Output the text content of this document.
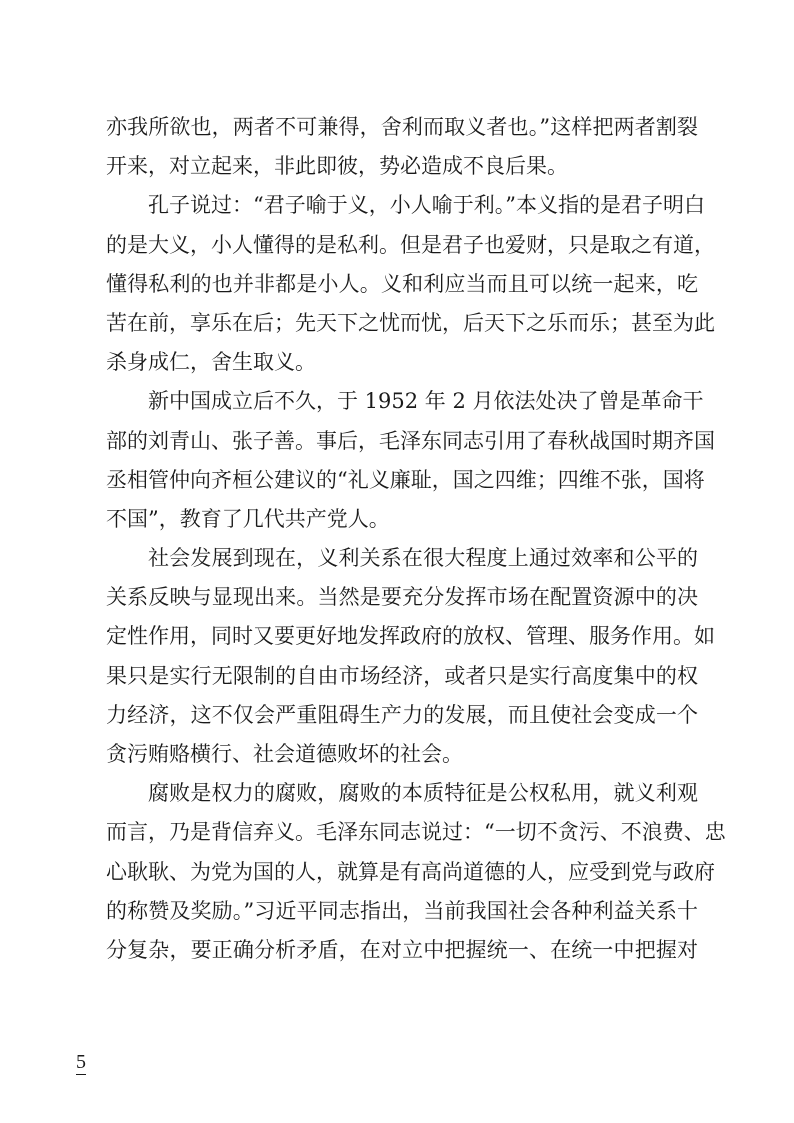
亦我所欲也，两者不可兼得，舍利而取义者也。”这样把两者割裂
开来，对立起来，非此即彼，势必造成不良后果。
孔子说过：“君子喻于义，小人喻于利。”本义指的是君子明白
的是大义，小人懂得的是私利。但是君子也爱财，只是取之有道，
懂得私利的也并非都是小人。义和利应当而且可以统一起来，吃
苦在前，享乐在后；先天下之忧而忧，后天下之乐而乐；甚至为此
杀身成仁，舍生取义。
新中国成立后不久，于 1952 年 2 月依法处决了曾是革命干
部的刘青山、张子善。事后，毛泽东同志引用了春秋战国时期齐国
丞相管仲向齐桓公建议的“礼义廉耻，国之四维；四维不张，国将
不国”，教育了几代共产党人。
社会发展到现在，义利关系在很大程度上通过效率和公平的
关系反映与显现出来。当然是要充分发挥市场在配置资源中的决
定性作用，同时又要更好地发挥政府的放权、管理、服务作用。如
果只是实行无限制的自由市场经济，或者只是实行高度集中的权
力经济，这不仅会严重阻碍生产力的发展，而且使社会变成一个
贪污贿赂横行、社会道德败坏的社会。
腐败是权力的腐败，腐败的本质特征是公权私用，就义利观
而言，乃是背信弃义。毛泽东同志说过：“一切不贪污、不浪费、忠
心耿耿、为党为国的人，就算是有高尚道德的人，应受到党与政府
的称赞及奖励。”习近平同志指出，当前我国社会各种利益关系十
分复杂，要正确分析矛盾，在对立中把握统一、在统一中把握对
5
